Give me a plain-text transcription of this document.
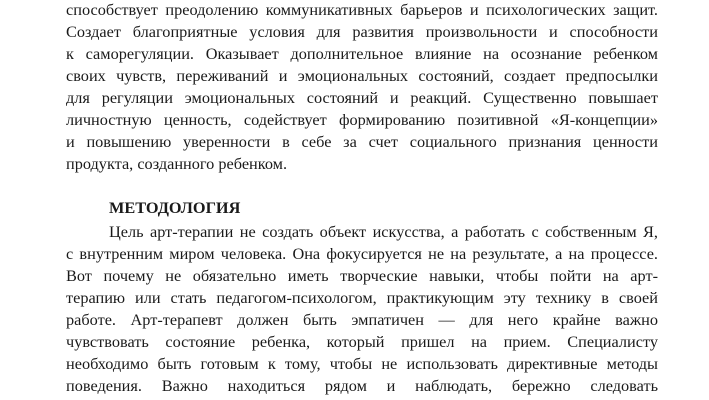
способствует преодолению коммуникативных барьеров и психологических защит.
Создает благоприятные условия для развития произвольности и способности
к саморегуляции. Оказывает дополнительное влияние на осознание ребенком
своих чувств, переживаний и эмоциональных состояний, создает предпосылки
для регуляции эмоциональных состояний и реакций. Существенно повышает
личностную ценность, содействует формированию позитивной «Я-концепции»
и повышению уверенности в себе за счет социального признания ценности
продукта, созданного ребенком.
МЕТОДОЛОГИЯ
Цель арт-терапии не создать объект искусства, а работать с собственным Я,
с внутренним миром человека. Она фокусируется не на результате, а на процессе.
Вот почему не обязательно иметь творческие навыки, чтобы пойти на арт-
терапию или стать педагогом-психологом, практикующим эту технику в своей
работе. Арт-терапевт должен быть эмпатичен — для него крайне важно
чувствовать состояние ребенка, который пришел на прием. Специалисту
необходимо быть готовым к тому, чтобы не использовать директивные методы
поведения. Важно находиться рядом и наблюдать, бережно следовать
